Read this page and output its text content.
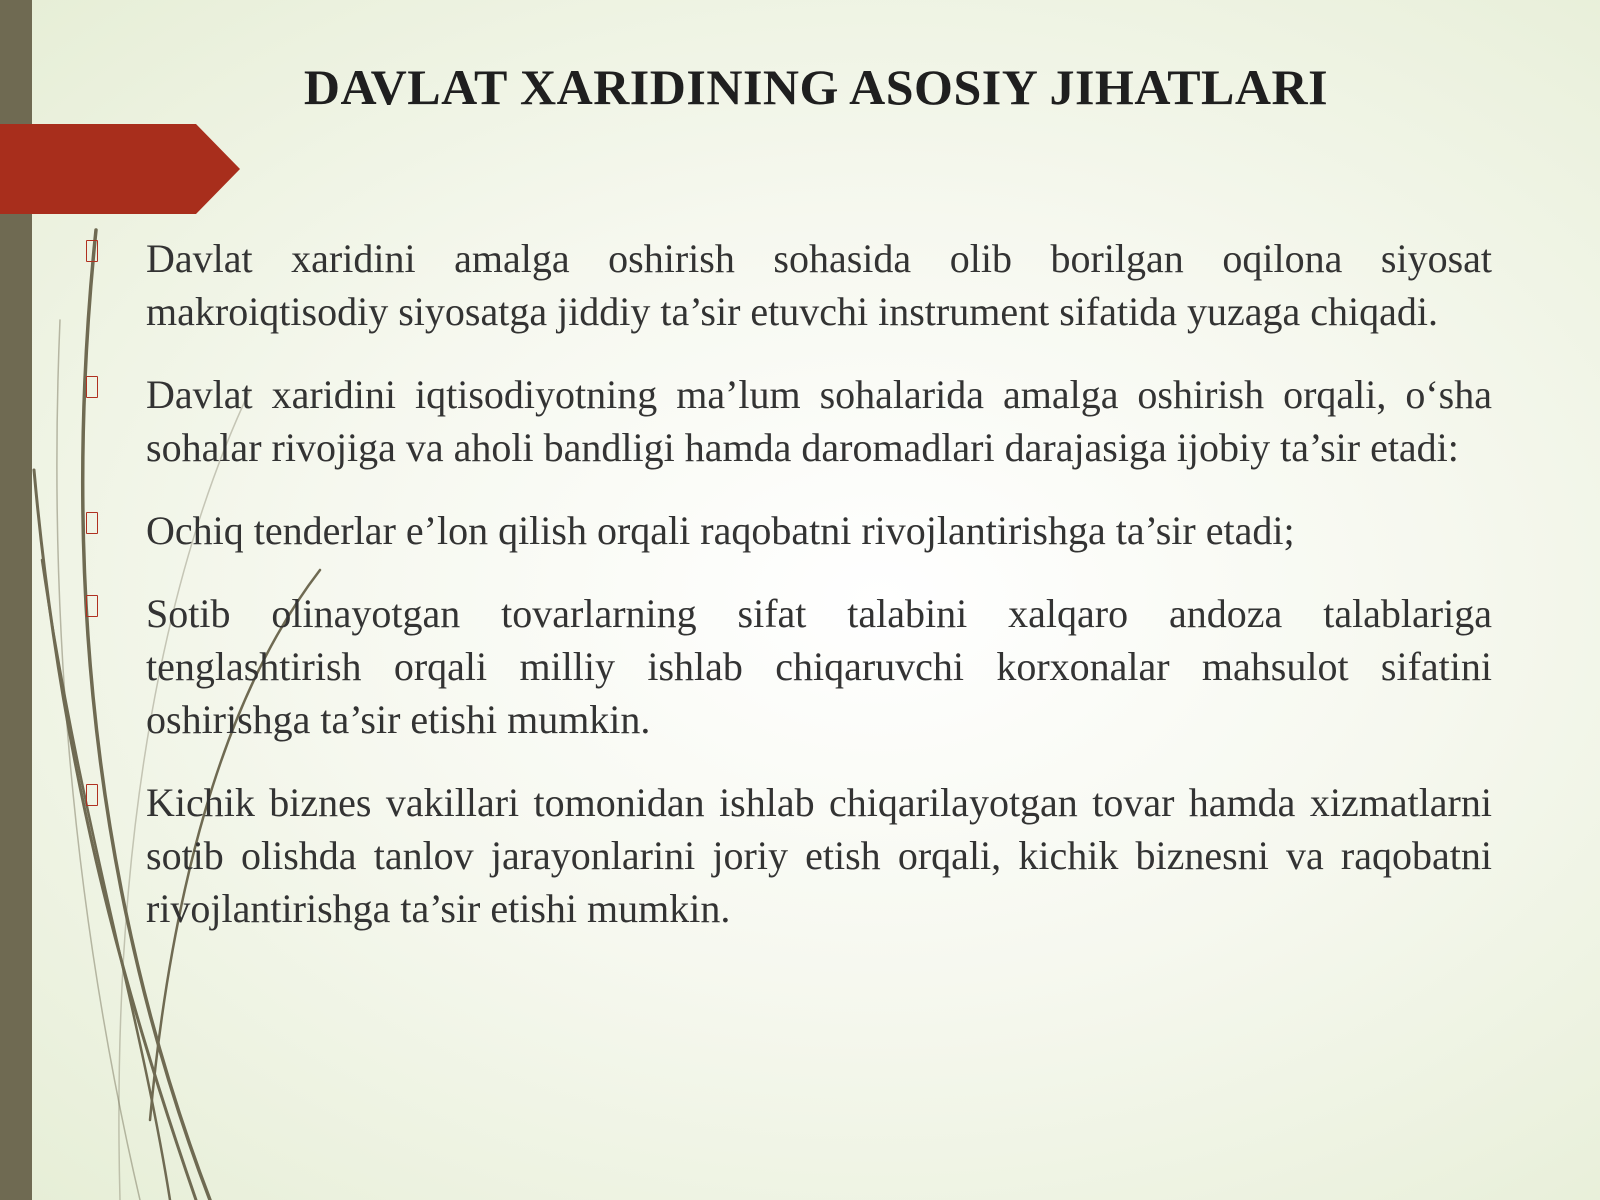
DAVLAT XARIDINING ASOSIY JIHATLARI
Davlat xaridini amalga oshirish sohasida olib borilgan oqilona siyosat makroiqtisodiy siyosatga jiddiy ta’sir etuvchi instrument sifatida yuzaga chiqadi.
Davlat xaridini iqtisodiyotning ma’lum sohalarida amalga oshirish orqali, o‘sha sohalar rivojiga va aholi bandligi hamda daromadlari darajasiga ijobiy ta’sir etadi:
Ochiq tenderlar e’lon qilish orqali raqobatni rivojlantirishga ta’sir etadi;
Sotib olinayotgan tovarlarning sifat talabini xalqaro andoza talablariga tenglashtirish orqali milliy ishlab chiqaruvchi korxonalar mahsulot sifatini oshirishga ta’sir etishi mumkin.
Kichik biznes vakillari tomonidan ishlab chiqarilayotgan tovar hamda xizmatlarni sotib olishda tanlov jarayonlarini joriy etish orqali, kichik biznesni va raqobatni rivojlantirishga ta’sir etishi mumkin.
